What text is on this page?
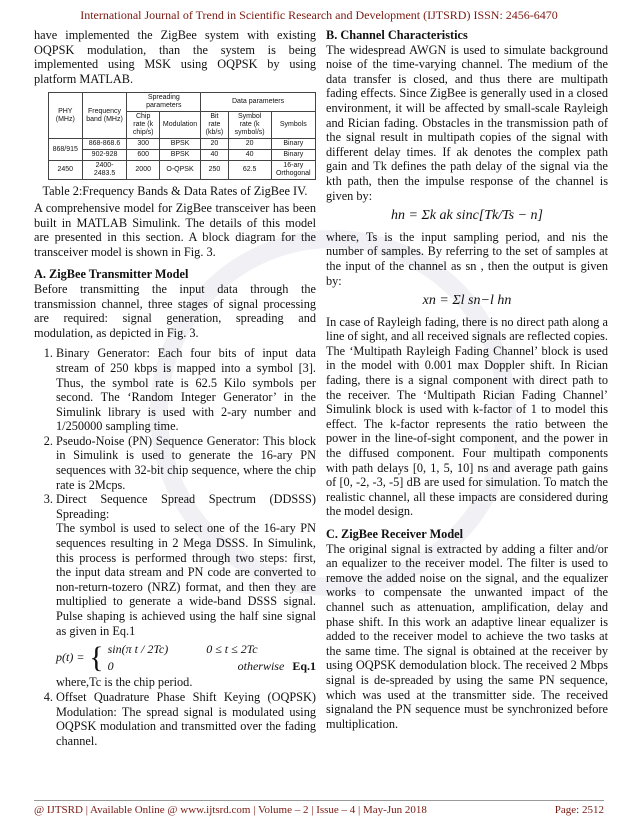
International Journal of Trend in Scientific Research and Development (IJTSRD) ISSN: 2456-6470

have implemented the ZigBee system with existing OQPSK modulation, than the system is being implemented using MSK using OQPSK by using platform MATLAB.

PHY (MHz)	Frequency band (MHz)	Spreading parameters		Data parameters		
		Chip rate (k chip/s)	Modulation	Bit rate (kb/s)	Symbol rate (k symbol/s)	Symbols
868/915	868-868.6	300	BPSK	20	20	Binary
	902-928	600	BPSK	40	40	Binary
2450	2400-2483.5	2000	O-QPSK	250	62.5	16-ary Orthogonal

Table 2:Frequency Bands & Data Rates of ZigBee IV.

A comprehensive model for ZigBee transceiver has been built in MATLAB Simulink. The details of this model are presented in this section. A block diagram for the transceiver model is shown in Fig. 3.

A. ZigBee Transmitter Model

Before transmitting the input data through the transmission channel, three stages of signal processing are required: signal generation, spreading and modulation, as depicted in Fig. 3.

1. Binary Generator: Each four bits of input data stream of 250 kbps is mapped into a symbol [3]. Thus, the symbol rate is 62.5 Kilo symbols per second. The ‘Random Integer Generator’ in the Simulink library is used with 2-ary number and 1/250000 sampling time.
2. Pseudo-Noise (PN) Sequence Generator: This block in Simulink is used to generate the 16-ary PN sequences with 32-bit chip sequence, where the chip rate is 2Mcps.
3. Direct Sequence Spread Spectrum (DDSSS) Spreading:
The symbol is used to select one of the 16-ary PN sequences resulting in 2 Mega DSSS. In Simulink, this process is performed through two steps: first, the input data stream and PN code are converted to non-return-tozero (NRZ) format, and then they are multiplied to generate a wide-band DSSS signal. Pulse shaping is achieved using the half sine signal as given in Eq.1
p(t) = { sin(π t / 2Tc)	0 ≤ t ≤ 2Tc
0	otherwise Eq.1
where,Tc is the chip period.
4. Offset Quadrature Phase Shift Keying (OQPSK) Modulation: The spread signal is modulated using OQPSK modulation and transmitted over the fading channel.

B. Channel Characteristics

The widespread AWGN is used to simulate background noise of the time-varying channel. The medium of the data transfer is closed, and thus there are multipath fading effects. Since ZigBee is generally used in a closed environment, it will be affected by small-scale Rayleigh and Rician fading. Obstacles in the transmission path of the signal result in multipath copies of the signal with different delay times. If ak denotes the complex path gain and Tk defines the path delay of the signal via the kth path, then the impulse response of the channel is given by:

hn = Σk ak sinc[Tk/Ts − n]

where, Ts is the input sampling period, and nis the number of samples. By referring to the set of samples at the input of the channel as sn , then the output is given by:

xn = Σl sn−l hn

In case of Rayleigh fading, there is no direct path along a line of sight, and all received signals are reflected copies. The ‘Multipath Rayleigh Fading Channel’ block is used in the model with 0.001 max Doppler shift. In Rician fading, there is a signal component with direct path to the receiver. The ‘Multipath Rician Fading Channel’ Simulink block is used with k-factor of 1 to model this effect. The k-factor represents the ratio between the power in the line-of-sight component, and the power in the diffused component. Four multipath components with path delays [0, 1, 5, 10] ns and average path gains of [0, -2, -3, -5] dB are used for simulation. To match the realistic channel, all these impacts are considered during the model design.

C. ZigBee Receiver Model

The original signal is extracted by adding a filter and/or an equalizer to the receiver model. The filter is used to remove the added noise on the signal, and the equalizer works to compensate the unwanted impact of the channel such as attenuation, amplification, delay and phase shift. In this work an adaptive linear equalizer is added to the receiver model to achieve the two tasks at the same time. The signal is obtained at the receiver by using OQPSK demodulation block. The received 2 Mbps signal is de-spreaded by using the same PN sequence, which was used at the transmitter side. The received signaland the PN sequence must be synchronized before multiplication.

@ IJTSRD | Available Online @ www.ijtsrd.com | Volume – 2 | Issue – 4 | May-Jun 2018	Page: 2512
